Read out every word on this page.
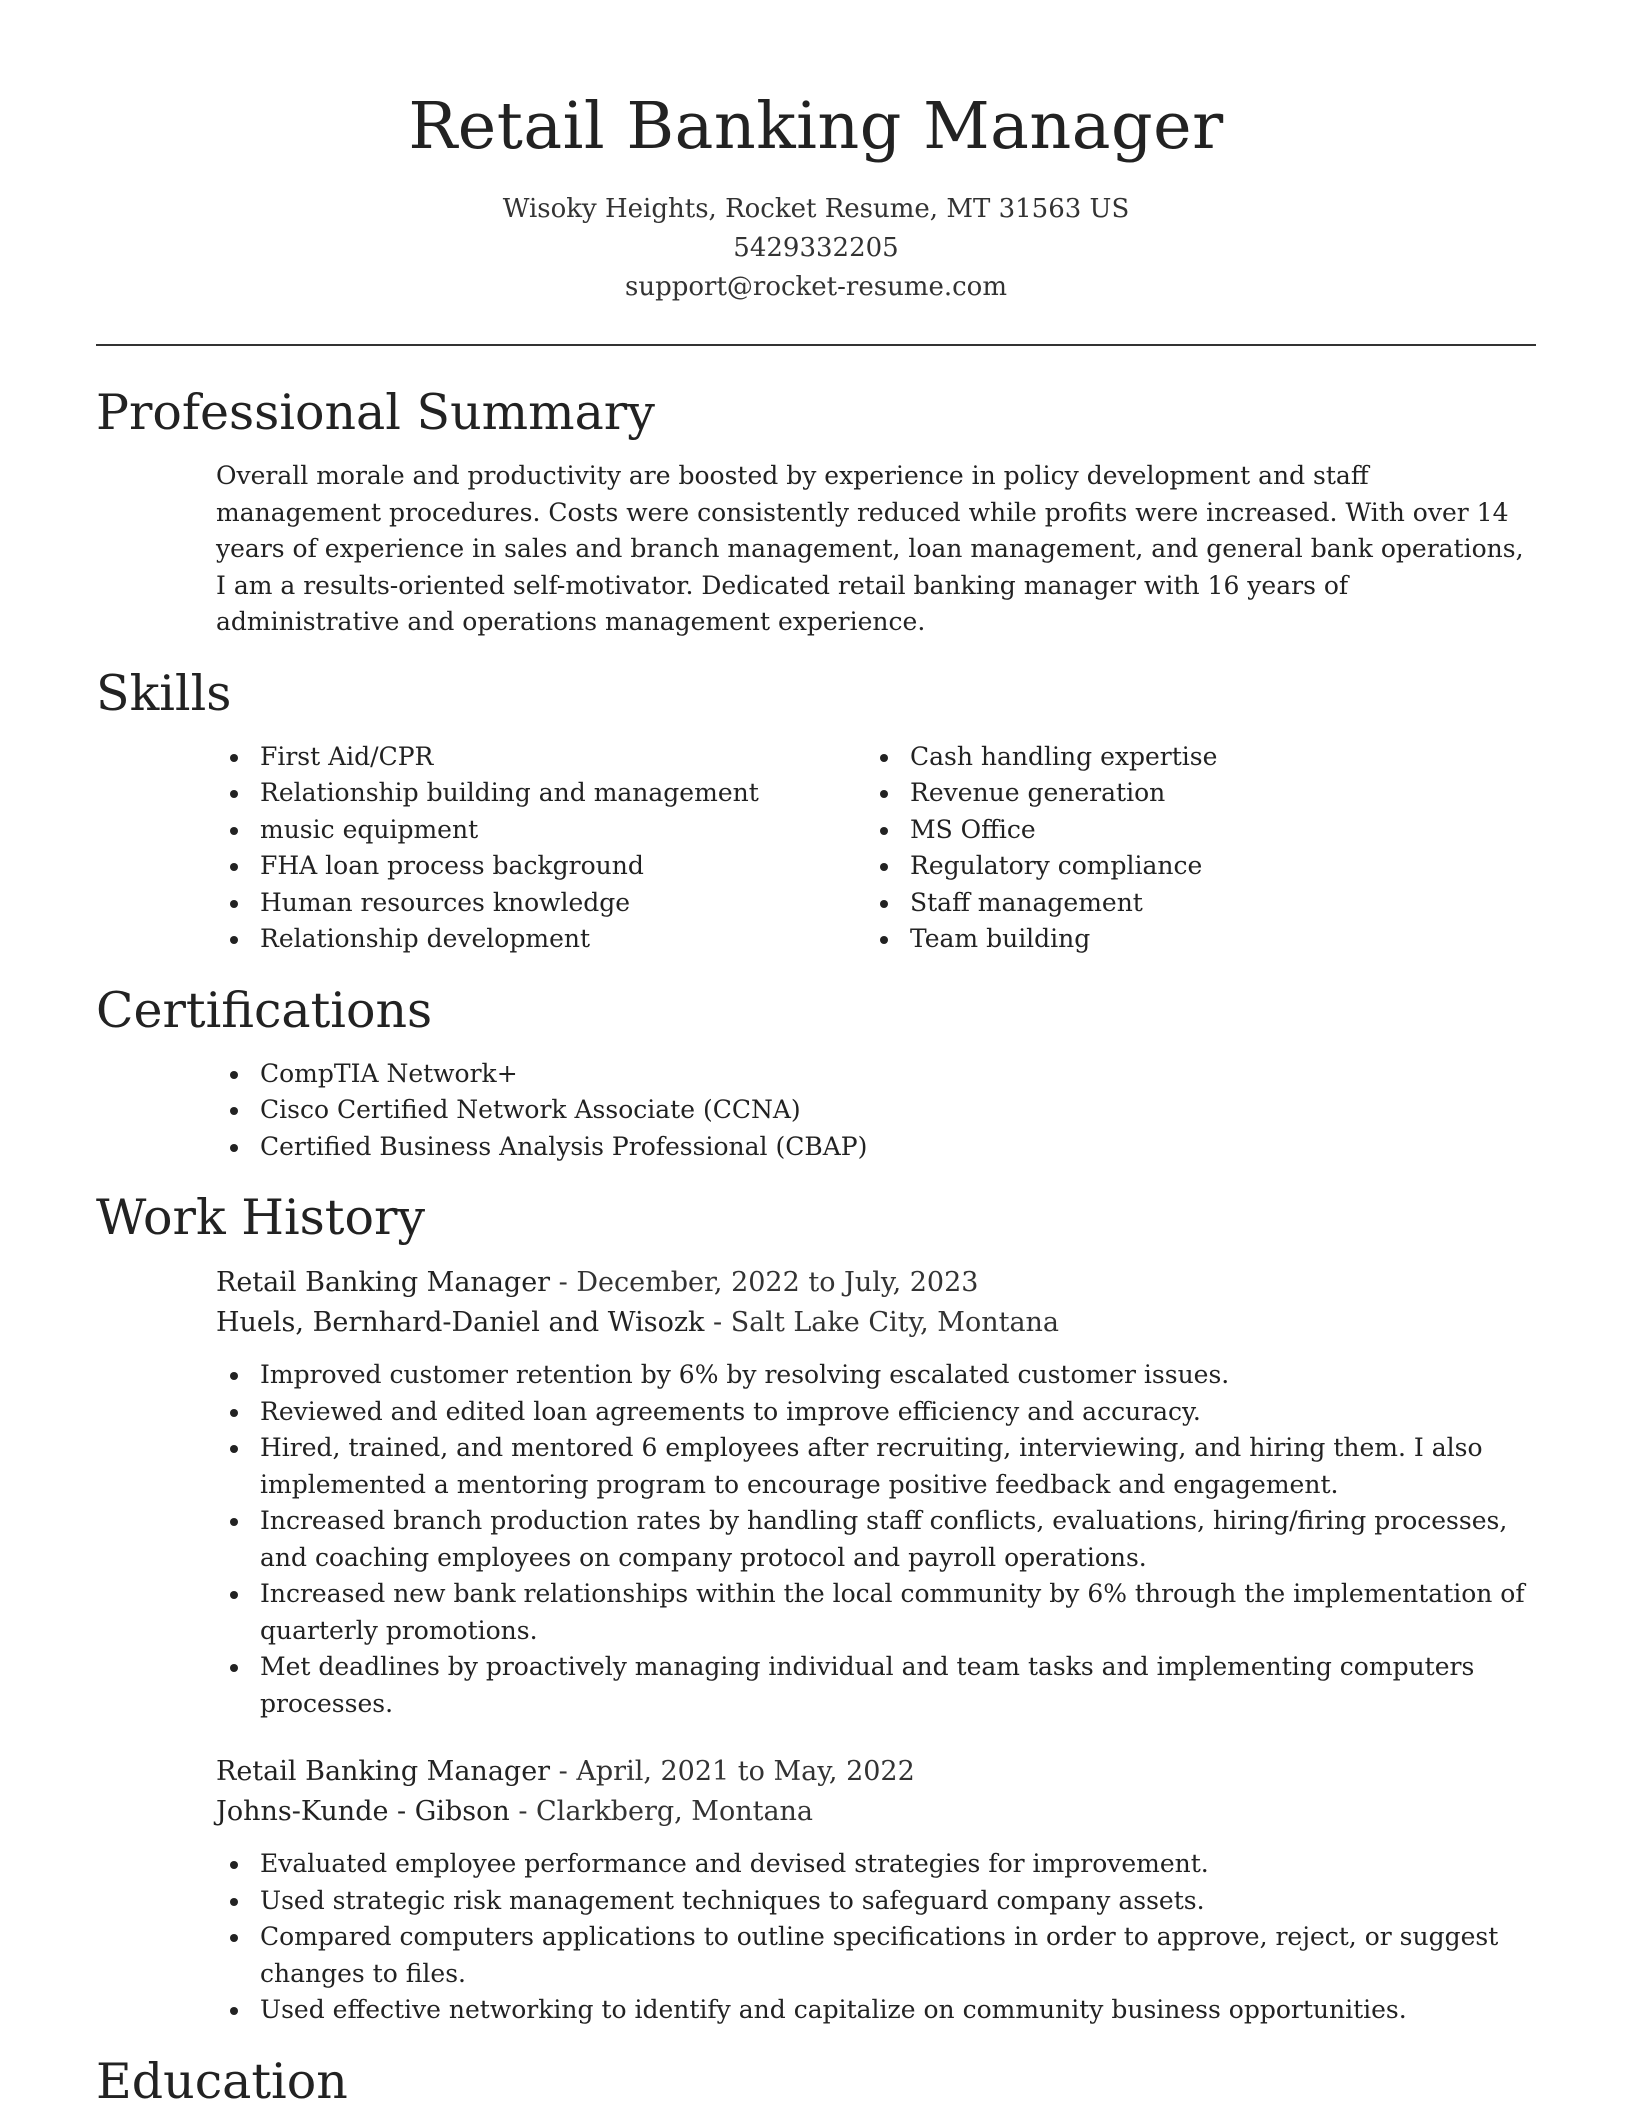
Retail Banking Manager
Wisoky Heights, Rocket Resume, MT 31563 US
5429332205
support@rocket-resume.com
Professional Summary
Overall morale and productivity are boosted by experience in policy development and staff management procedures. Costs were consistently reduced while profits were increased. With over 14 years of experience in sales and branch management, loan management, and general bank operations, I am a results-oriented self-motivator. Dedicated retail banking manager with 16 years of administrative and operations management experience.
Skills
First Aid/CPR
Relationship building and management
music equipment
FHA loan process background
Human resources knowledge
Relationship development
Cash handling expertise
Revenue generation
MS Office
Regulatory compliance
Staff management
Team building
Certifications
CompTIA Network+
Cisco Certified Network Associate (CCNA)
Certified Business Analysis Professional (CBAP)
Work History
Retail Banking Manager - December, 2022 to July, 2023
Huels, Bernhard-Daniel and Wisozk - Salt Lake City, Montana
Improved customer retention by 6% by resolving escalated customer issues.
Reviewed and edited loan agreements to improve efficiency and accuracy.
Hired, trained, and mentored 6 employees after recruiting, interviewing, and hiring them. I also implemented a mentoring program to encourage positive feedback and engagement.
Increased branch production rates by handling staff conflicts, evaluations, hiring/firing processes, and coaching employees on company protocol and payroll operations.
Increased new bank relationships within the local community by 6% through the implementation of quarterly promotions.
Met deadlines by proactively managing individual and team tasks and implementing computers processes.
Retail Banking Manager - April, 2021 to May, 2022
Johns-Kunde - Gibson - Clarkberg, Montana
Evaluated employee performance and devised strategies for improvement.
Used strategic risk management techniques to safeguard company assets.
Compared computers applications to outline specifications in order to approve, reject, or suggest changes to files.
Used effective networking to identify and capitalize on community business opportunities.
Education
